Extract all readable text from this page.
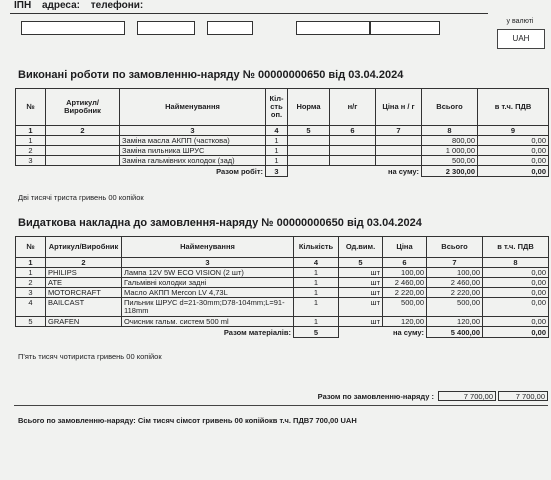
ІПН адреса: телефони:
у валюті
UAH
Виконані роботи по замовленню-наряду № 00000000650 від 03.04.2024
№	Артикул/Виробник	Найменування	Кіл-сть оп.	Норма	н/г	Ціна н / г	Всього	в т.ч. ПДВ
1	2	3	4	5	6	7	8	9
1		Заміна масла АКПП (часткова)	1				800,00	0,00
2		Заміна пильника ШРУС	1				1 000,00	0,00
3		Заміна гальмівних колодок (зад)	1				500,00	0,00
Разом робіт:			3	на суму:			2 300,00	0,00
Дві тисячі триста гривень 00 копійок
Видаткова накладна до замовлення-наряду № 00000000650 від 03.04.2024
№	Артикул/Виробник	Найменування	Кількість	Од.вим.	Ціна	Всього	в т.ч. ПДВ
1	2	3	4	5	6	7	8
1	PHILIPS	Лампа 12V 5W ECO VISION (2 шт)	1	шт	100,00	100,00	0,00
2	ATE	Гальмівні колодки задні	1	шт	2 460,00	2 460,00	0,00
3	MOTORCRAFT	Масло АКПП Mercon LV 4,73L	1	шт	2 220,00	2 220,00	0,00
4	BAILCAST	Пильник ШРУС d=21-30mm;D78-104mm;L=91-118mm	1	шт	500,00	500,00	0,00
5	GRAFEN	Очисник гальм. систем 500 ml	1	шт	120,00	120,00	0,00
Разом матеріалів:			5	на суму:		5 400,00	0,00
П'ять тисяч чотириста гривень 00 копійок
Разом по замовленню-наряду :	7 700,00	7 700,00
Всього по замовленню-наряду: Сім тисяч сімсот гривень 00 копійокв т.ч. ПДВ7 700,00 UAH
